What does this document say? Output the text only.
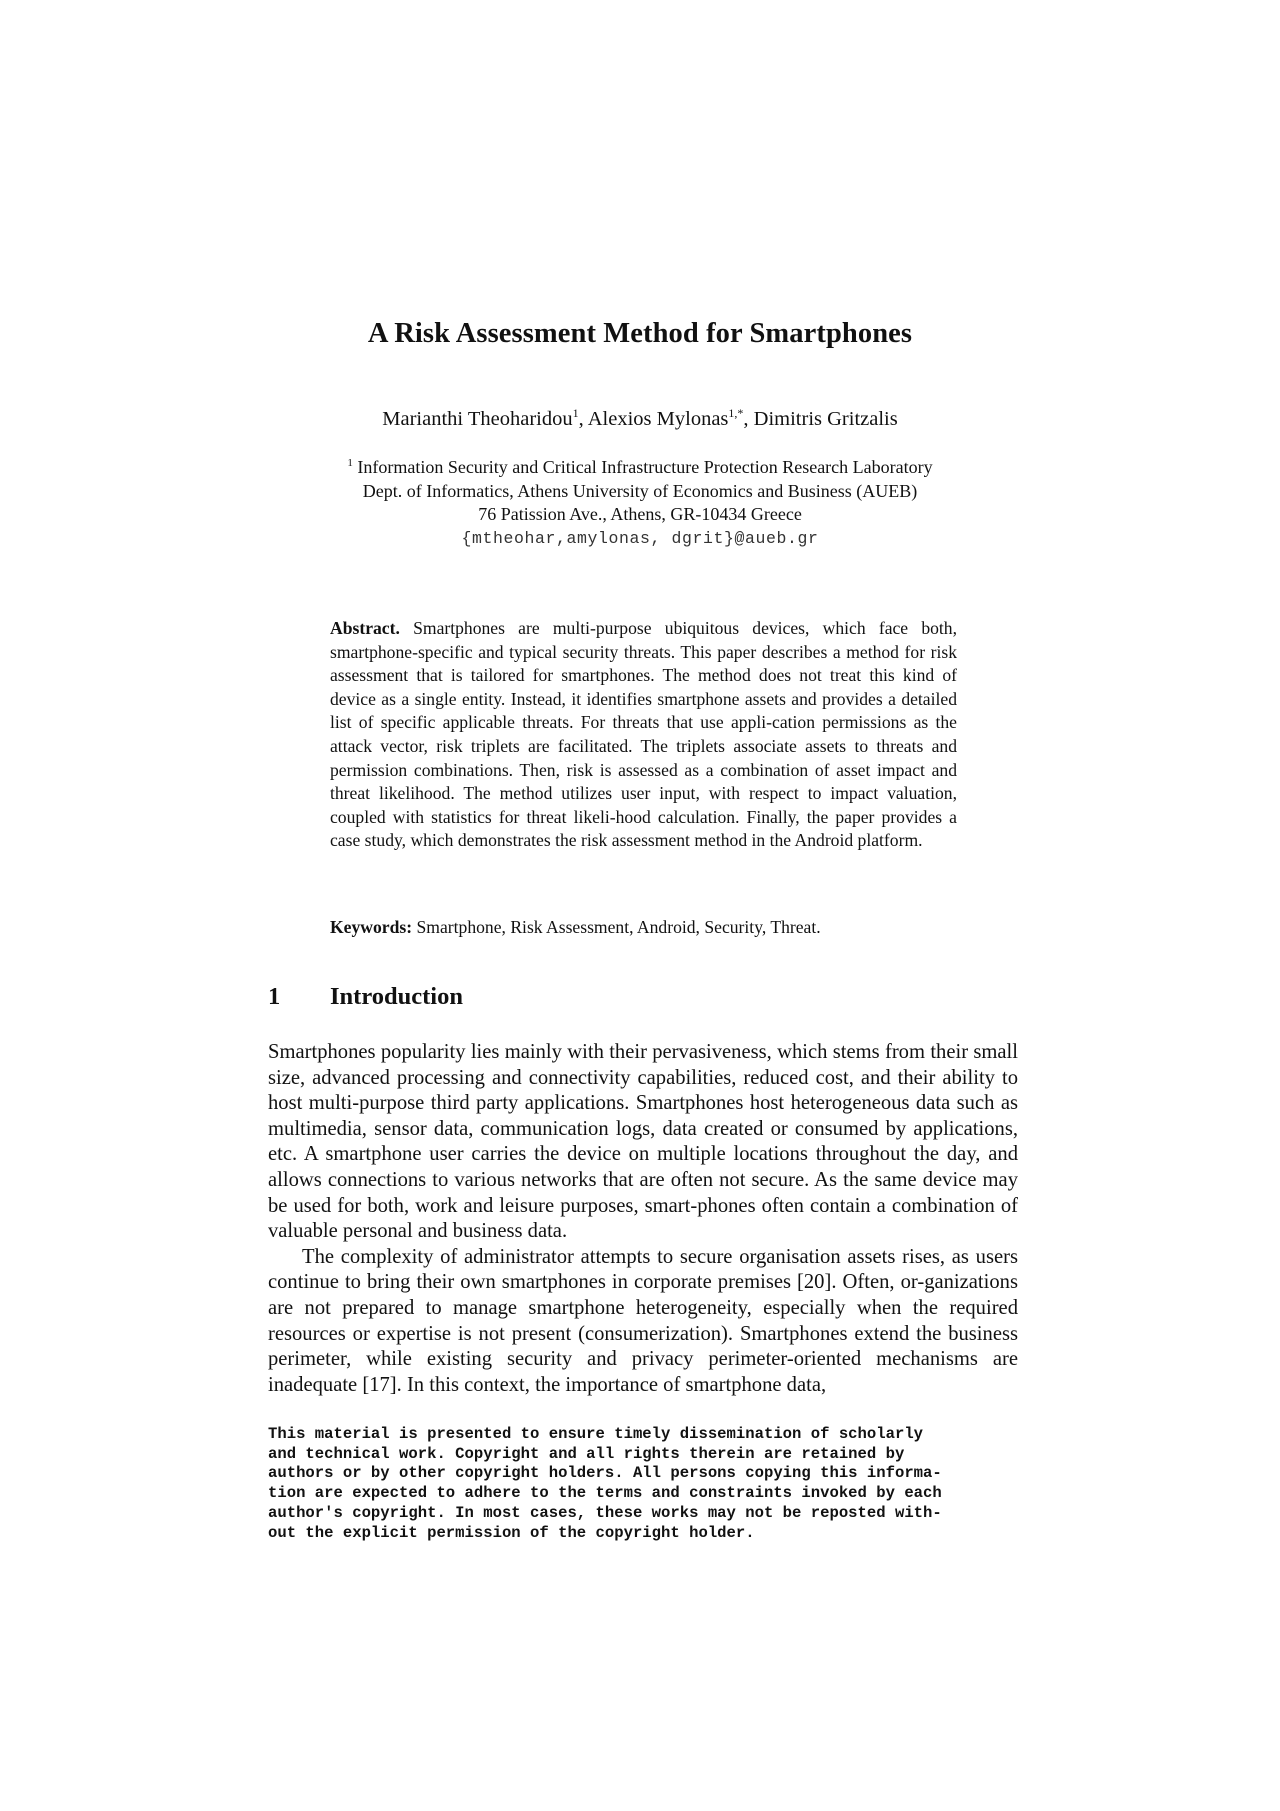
A Risk Assessment Method for Smartphones
Marianthi Theoharidou$^1$, Alexios Mylonas$^{1,*}$, Dimitris Gritzalis
$^1$ Information Security and Critical Infrastructure Protection Research Laboratory
Dept. of Informatics, Athens University of Economics and Business (AUEB)
76 Patission Ave., Athens, GR-10434 Greece
{mtheohar,amylonas, dgrit}@aueb.gr
Abstract. Smartphones are multi-purpose ubiquitous devices, which face both, smartphone-specific and typical security threats. This paper describes a method for risk assessment that is tailored for smartphones. The method does not treat this kind of device as a single entity. Instead, it identifies smartphone assets and provides a detailed list of specific applicable threats. For threats that use appli-cation permissions as the attack vector, risk triplets are facilitated. The triplets associate assets to threats and permission combinations. Then, risk is assessed as a combination of asset impact and threat likelihood. The method utilizes user input, with respect to impact valuation, coupled with statistics for threat likeli-hood calculation. Finally, the paper provides a case study, which demonstrates the risk assessment method in the Android platform.
Keywords: Smartphone, Risk Assessment, Android, Security, Threat.
1 Introduction

Smartphones popularity lies mainly with their pervasiveness, which stems from their small size, advanced processing and connectivity capabilities, reduced cost, and their ability to host multi-purpose third party applications. Smartphones host heterogeneous data such as multimedia, sensor data, communication logs, data created or consumed by applications, etc. A smartphone user carries the device on multiple locations throughout the day, and allows connections to various networks that are often not secure. As the same device may be used for both, work and leisure purposes, smart-phones often contain a combination of valuable personal and business data.

The complexity of administrator attempts to secure organisation assets rises, as users continue to bring their own smartphones in corporate premises [20]. Often, or-ganizations are not prepared to manage smartphone heterogeneity, especially when the required resources or expertise is not present (consumerization). Smartphones extend the business perimeter, while existing security and privacy perimeter-oriented mechanisms are inadequate [17]. In this context, the importance of smartphone data,

This material is presented to ensure timely dissemination of scholarly
and technical work. Copyright and all rights therein are retained by
authors or by other copyright holders. All persons copying this informa-
tion are expected to adhere to the terms and constraints invoked by each
author's copyright. In most cases, these works may not be reposted with-
out the explicit permission of the copyright holder.
